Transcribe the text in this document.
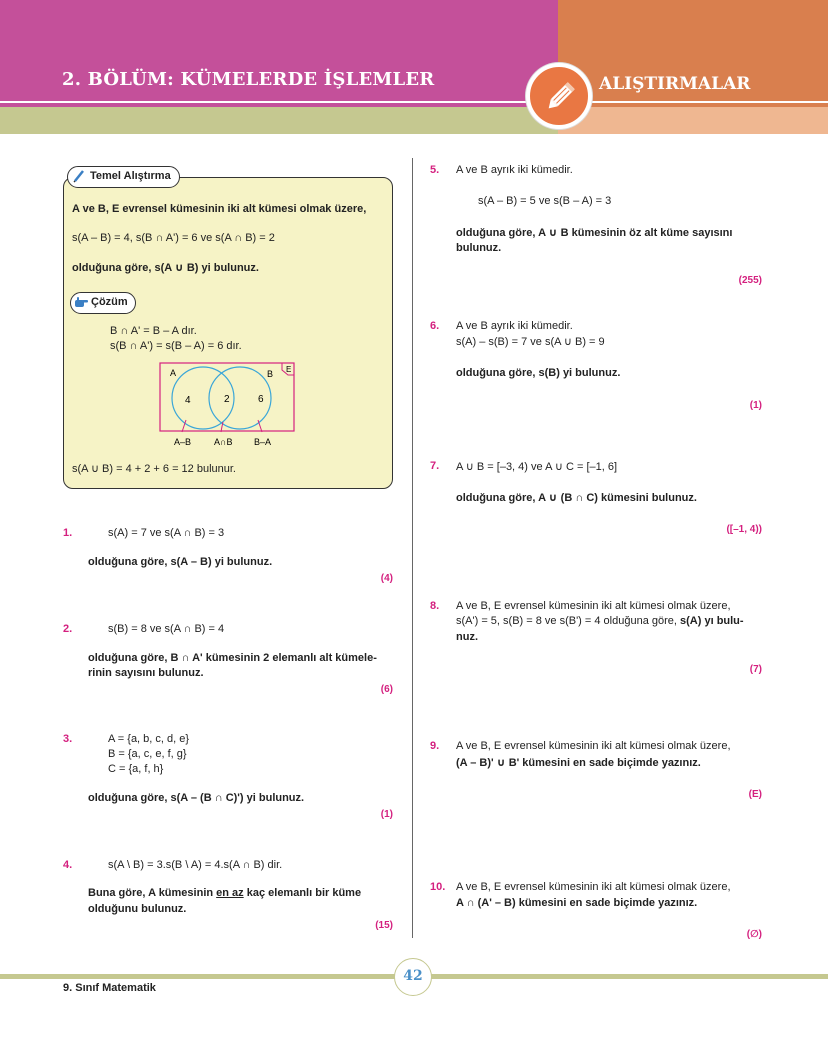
2. BÖLÜM: KÜMELERDE İŞLEMLER	ALIŞTIRMALAR
Temel Alıştırma
A ve B, E evrensel kümesinin iki alt kümesi olmak üzere,
s(A – B) = 4, s(B ∩ A') = 6 ve s(A ∩ B) = 2
olduğuna göre, s(A ∪ B) yi bulunuz.
Çözüm
B ∩ A' = B – A dır.
s(B ∩ A') = s(B – A) = 6 dır.
A	B E
4	2	6
A–B	A∩B B–A
s(A ∪ B) = 4 + 2 + 6 = 12 bulunur.
1.	s(A) = 7 ve s(A ∩ B) = 3
olduğuna göre, s(A – B) yi bulunuz.
(4)
2.	s(B) = 8 ve s(A ∩ B) = 4
olduğuna göre, B ∩ A' kümesinin 2 elemanlı alt kümele-
rinin sayısını bulunuz.
(6)
3.	A = {a, b, c, d, e}
B = {a, c, e, f, g}
C = {a, f, h}
olduğuna göre, s(A – (B ∩ C)') yi bulunuz.
(1)
4.	s(A \ B) = 3.s(B \ A) = 4.s(A ∩ B) dir.
Buna göre, A kümesinin en az kaç elemanlı bir küme
olduğunu bulunuz.
(15)
5. A ve B ayrık iki kümedir.
s(A – B) = 5 ve s(B – A) = 3
olduğuna göre, A ∪ B kümesinin öz alt küme sayısını
bulunuz.
(255)
6. A ve B ayrık iki kümedir.
s(A) – s(B) = 7 ve s(A ∪ B) = 9
olduğuna göre, s(B) yi bulunuz.
(1)
7. A ∪ B = [–3, 4) ve A ∪ C = [–1, 6]
olduğuna göre, A ∪ (B ∩ C) kümesini bulunuz.
([–1, 4))
8. A ve B, E evrensel kümesinin iki alt kümesi olmak üzere,
s(A') = 5, s(B) = 8 ve s(B') = 4 olduğuna göre, s(A) yı bulu-
nuz.
(7)
9. A ve B, E evrensel kümesinin iki alt kümesi olmak üzere,
(A – B)' ∪ B' kümesini en sade biçimde yazınız.
(E)
10. A ve B, E evrensel kümesinin iki alt kümesi olmak üzere,
A ∩ (A' – B) kümesini en sade biçimde yazınız.
(∅)
42
9. Sınıf Matematik
